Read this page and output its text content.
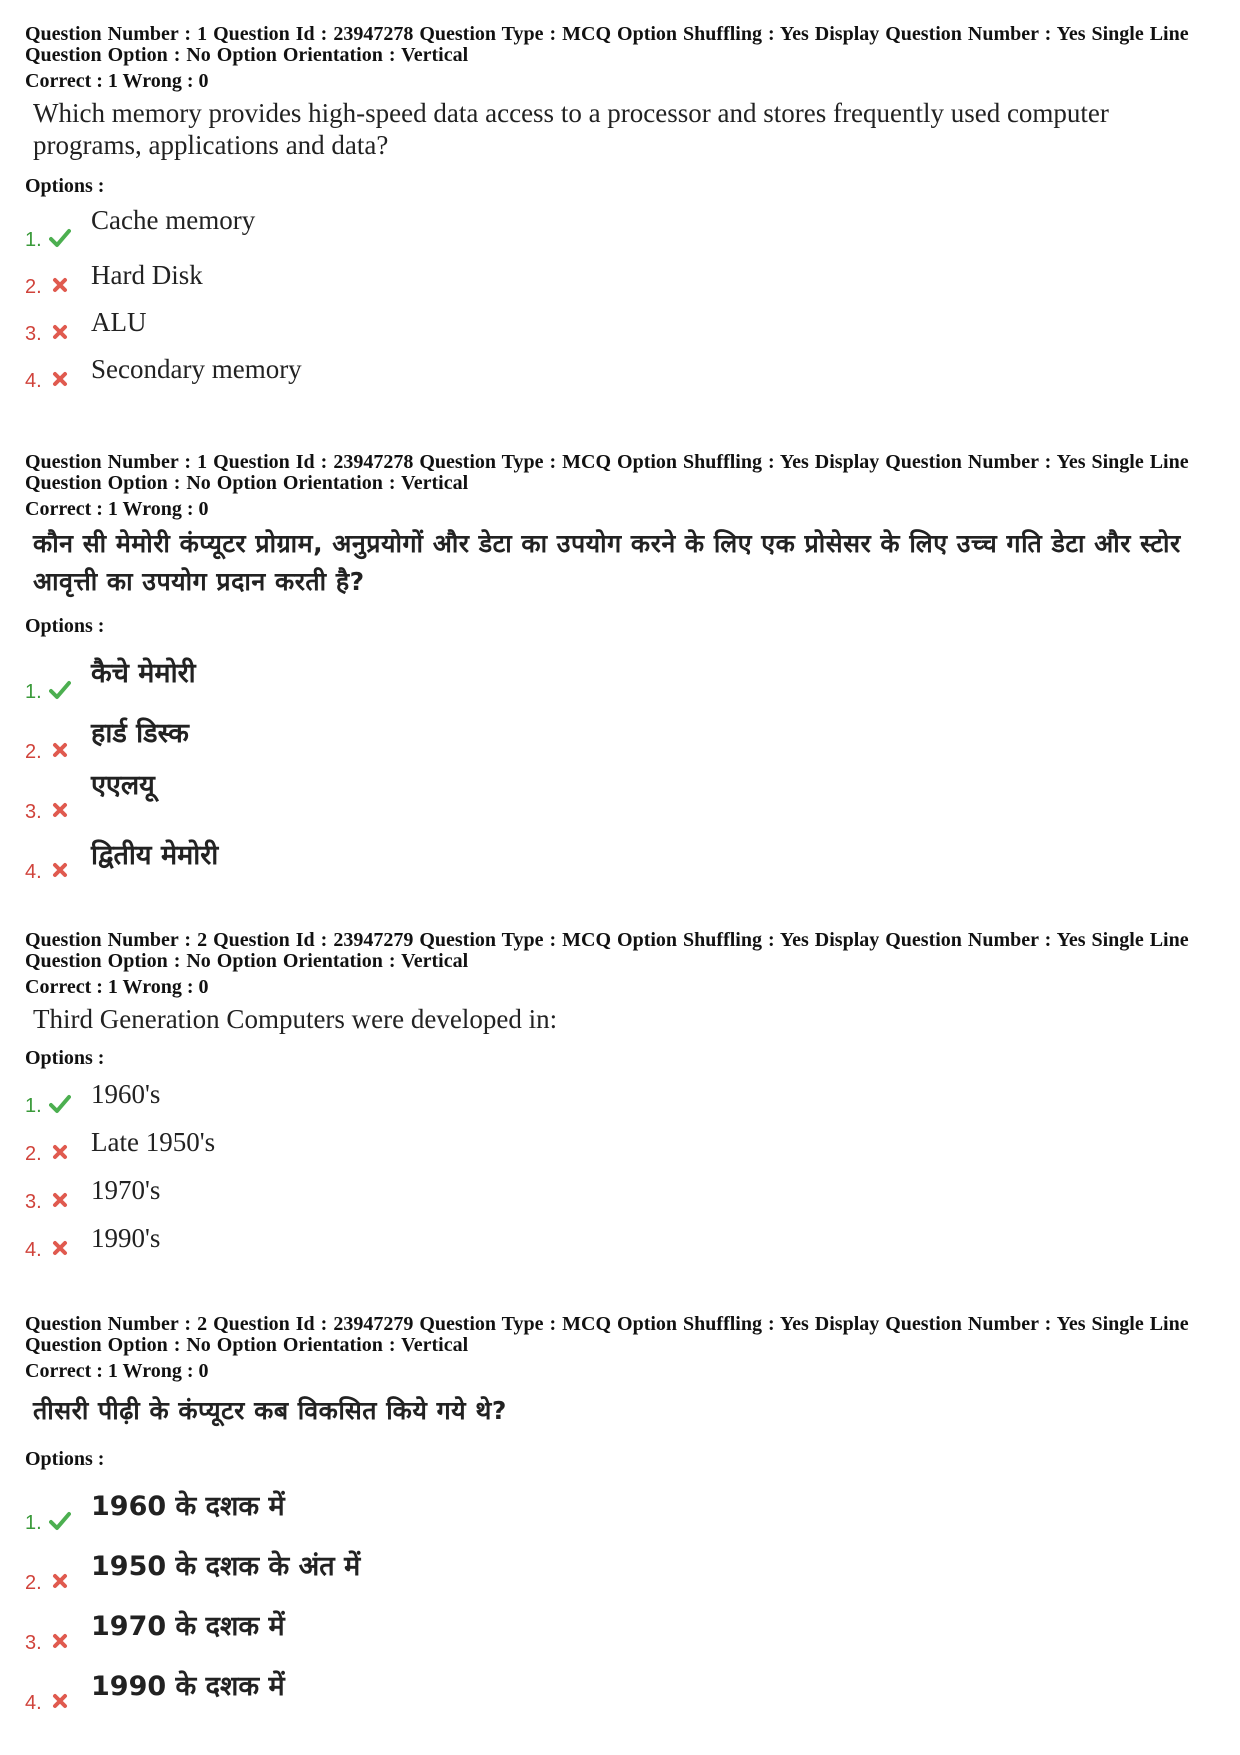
Question Number : 1 Question Id : 23947278 Question Type : MCQ Option Shuffling : Yes Display Question Number : Yes Single Line Question Option : No Option Orientation : Vertical
Correct : 1 Wrong : 0
Which memory provides high-speed data access to a processor and stores frequently used computer programs, applications and data?
Options :
1.
Cache memory
2. Hard Disk
3. ALU
4. Secondary memory
Question Number : 1 Question Id : 23947278 Question Type : MCQ Option Shuffling : Yes Display Question Number : Yes Single Line Question Option : No Option Orientation : Vertical
Correct : 1 Wrong : 0
कौन सी मेमोरी कंप्यूटर प्रोग्राम, अनुप्रयोगों और डेटा का उपयोग करने के लिए एक प्रोसेसर के लिए उच्च गति डेटा और स्टोर आवृत्ती का उपयोग प्रदान करती है?
Options :
1.
कैचे मेमोरी
2.
हार्ड डिस्क
3.
एएलयू
4.
द्वितीय मेमोरी
Question Number : 2 Question Id : 23947279 Question Type : MCQ Option Shuffling : Yes Display Question Number : Yes Single Line Question Option : No Option Orientation : Vertical
Correct : 1 Wrong : 0
Third Generation Computers were developed in:
Options :
1. 1960's
2. Late 1950's
3. 1970's
4. 1990's
Question Number : 2 Question Id : 23947279 Question Type : MCQ Option Shuffling : Yes Display Question Number : Yes Single Line Question Option : No Option Orientation : Vertical
Correct : 1 Wrong : 0
तीसरी पीढ़ी के कंप्यूटर कब विकसित किये गये थे?
Options :
1.
1960 के दशक में
2.
1950 के दशक के अंत में
3.
1970 के दशक में
4.
1990 के दशक में
